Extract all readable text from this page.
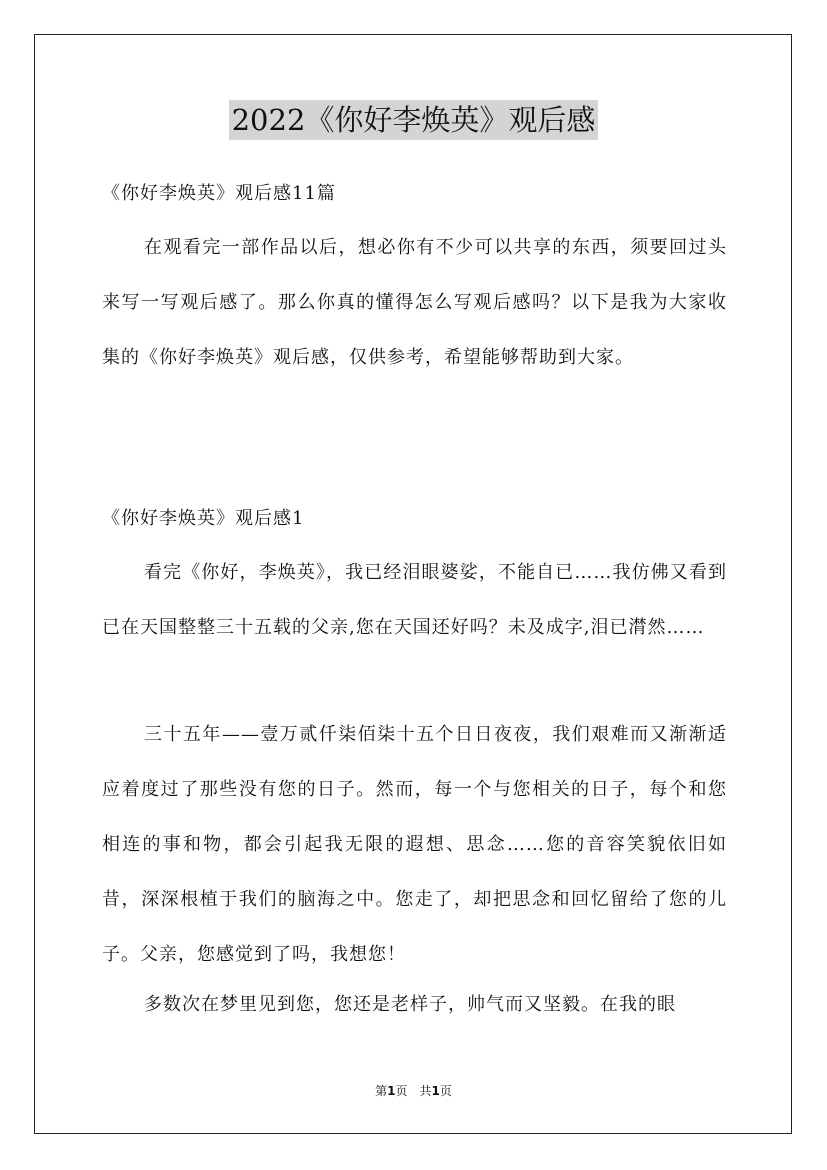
2022《你好李焕英》观后感

《你好李焕英》观后感11篇

在观看完一部作品以后，想必你有不少可以共享的东西，须要回过头来写一写观后感了。那么你真的懂得怎么写观后感吗？以下是我为大家收集的《你好李焕英》观后感，仅供参考，希望能够帮助到大家。

《你好李焕英》观后感1

看完《你好，李焕英》，我已经泪眼婆娑，不能自已……我仿佛又看到已在天国整整三十五载的父亲,您在天国还好吗？未及成字,泪已潸然……

三十五年——壹万贰仟柒佰柒十五个日日夜夜，我们艰难而又渐渐适应着度过了那些没有您的日子。然而，每一个与您相关的日子，每个和您相连的事和物，都会引起我无限的遐想、思念……您的音容笑貌依旧如昔，深深根植于我们的脑海之中。您走了，却把思念和回忆留给了您的儿子。父亲，您感觉到了吗，我想您！

多数次在梦里见到您，您还是老样子，帅气而又坚毅。在我的眼

第1页　共1页
